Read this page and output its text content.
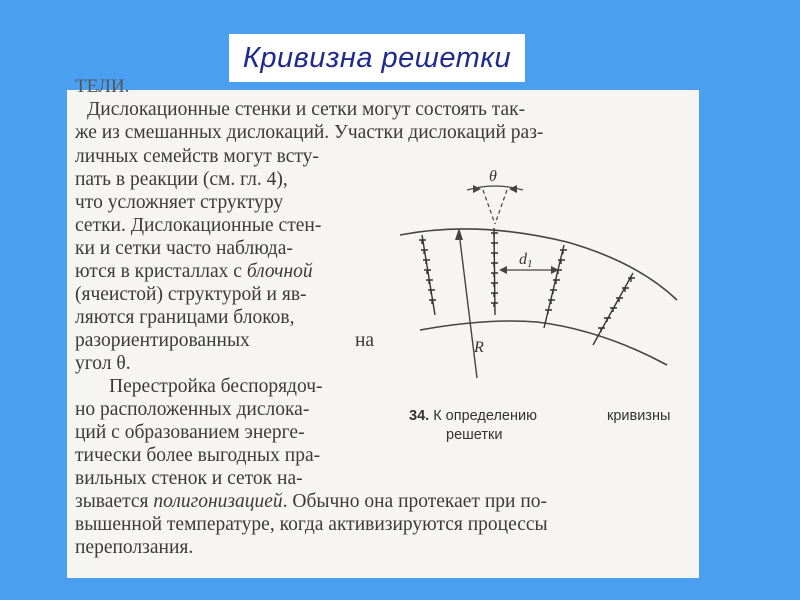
Кривизна решетки
ТЕЛИ.
Дислокационные стенки и сетки могут состоять так-
же из смешанных дислокаций. Участки дислокаций раз-
личных семейств могут всту-
пать в реакции (см. гл. 4),
что усложняет структуру
сетки. Дислокационные стен-
ки и сетки часто наблюда-
ются в кристаллах с блочной
(ячеистой) структурой и яв-
ляются границами блоков,
разориентированных	на
угол θ.
Перестройка беспорядоч-
но расположенных дислока-
ций с образованием энерге-
тически более выгодных пра-
вильных стенок и сеток на-
зывается полигонизацией. Обычно она протекает при по-
вышенной температуре, когда активизируются процессы
переползания.
θ
d1
R
34. К определению	кривизны
решетки
